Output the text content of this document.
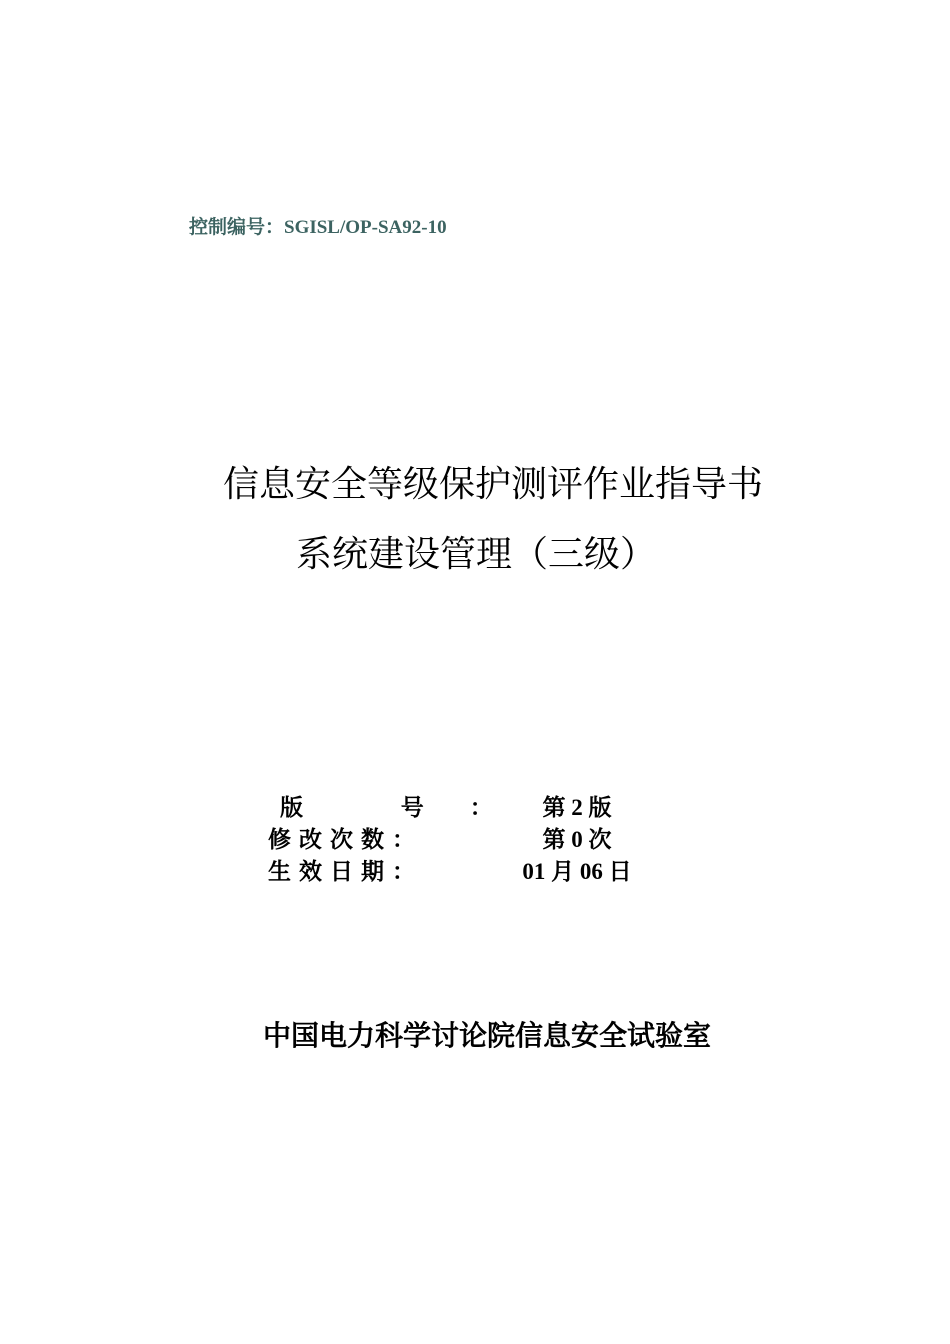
控制编号：SGISL/OP-SA92-10
信息安全等级保护测评作业指导书
系统建设管理（三级）
版 号： 第 2 版
修改次数：	第 0 次
生效日期：	01 月 06 日
中国电力科学讨论院信息安全试验室
